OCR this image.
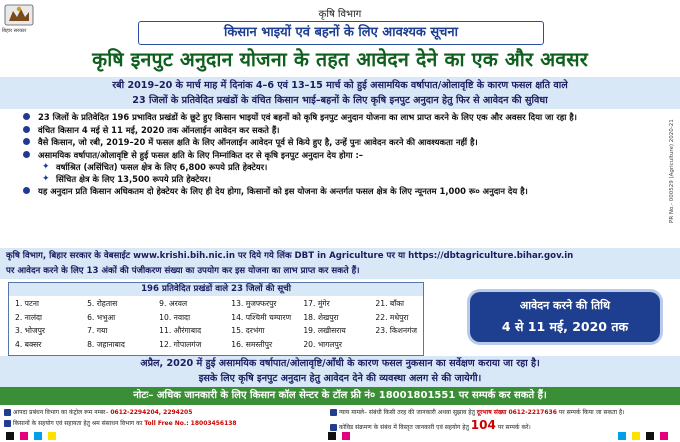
बिहार सरकार
कृषि विभाग
किसान भाइयों एवं बहनों के लिए आवश्यक सूचना
कृषि इनपुट अनुदान योजना के तहत आवेदन देने का एक और अवसर
रबी 2019–20 के मार्च माह में दिनांक 4–6 एवं 13–15 मार्च को हुई असामयिक वर्षापात/ओलावृष्टि के कारण फसल क्षति वाले
23 जिलों के प्रतिवेदित प्रखंडों के वंचित किसान भाई–बहनों के लिए कृषि इनपुट अनुदान हेतु फिर से आवेदन की सुविधा
23 जिलों के प्रतिवेदित 196 प्रभावित प्रखंडों के छूटे हुए किसान भाइयों एवं बहनों को कृषि इनपुट अनुदान योजना का लाभ प्राप्त करने के लिए एक और अवसर दिया जा रहा है।
वंचित किसान 4 मई से 11 मई, 2020 तक ऑनलाईन आवेदन कर सकते हैं।
वैसे किसान, जो रबी, 2019–20 में फसल क्षति के लिए ऑनलाईन आवेदन पूर्व से किये हुए है, उन्हें पुनः आवेदन करने की आवश्यकता नहीं है।
असामयिक वर्षापात/ओलावृष्टि से हुई फसल क्षति के लिए निम्नांकित दर से कृषि इनपुट अनुदान देय होगा :–
✦ वर्षाश्रित (असिंचित) फसल क्षेत्र के लिए 6,800 रूपये प्रति हेक्टेयर।
✦ सिंचित क्षेत्र के लिए 13,500 रूपये प्रति हेक्टेयर।
यह अनुदान प्रति किसान अधिकतम दो हेक्टेयर के लिए ही देय होगा, किसानों को इस योजना के अन्तर्गत फसल क्षेत्र के लिए न्यूनतम 1,000 रू० अनुदान देय है।	PR No.- 000529 (Agriculture) 2020-21
कृषि विभाग, बिहार सरकार के वेबसाईट www.krishi.bih.nic.in पर दिये गये लिंक DBT in Agriculture पर या https://dbtagriculture.bihar.gov.in
पर आवेदन करने के लिए 13 अंकों की पंजीकरण संख्या का उपयोग कर इस योजना का लाभ प्राप्त कर सकते हैं।
196 प्रतिवेदित प्रखंडों वाले 23 जिलों की सूची
1. पटना
2. नालंदा
3. भोजपुर
4. बक्सर
5. रोहतास
6. भभुआ
7. गया
8. जहानाबाद
9. अरवल
10. नवादा
11. औरंगाबाद
12. गोपालगंज
13. मुजफ्फरपुर
14. पश्चिमी चम्पारण
15. दरभंगा
16. समस्तीपुर
17. मुंगेर
18. शेखपुरा
19. लखीसराय
20. भागलपुर
21. बाँका
22. मधेपुरा
23. किशनगंज
आवेदन करने की तिथि
4 से 11 मई, 2020 तक
अप्रैल, 2020 में हुई असामयिक वर्षापात/ओलावृष्टि/आँधी के कारण फसल नुकसान का सर्वेक्षण कराया जा रहा है।
इसके लिए कृषि इनपुट अनुदान हेतु आवेदन देने की व्यवस्था अलग से की जायेगी।
नोटः– अधिक जानकारी के लिए किसान कॉल सेन्टर के टॉल फ्री नं० 18001801551 पर सम्पर्क कर सकते हैं।
आपदा प्रबंधन विभाग का कंट्रोल रूम नम्बर– 0612-2294204, 2294205
किसानों के सहयोग एवं सहायता हेतु श्रम संसाधन विभाग का Toll Free No.: 18003456138
न्याय मामले– संबंधी किसी तरह की जानकारी अथवा सुझाव हेतु दूरभाष संख्या 0612-2217636 पर सम्पर्क किया जा सकता है।
कोविड संक्रमण के संबंध में विस्तृत जानकारी एवं सहयोग हेतु 104 पर सम्पर्क करें।
